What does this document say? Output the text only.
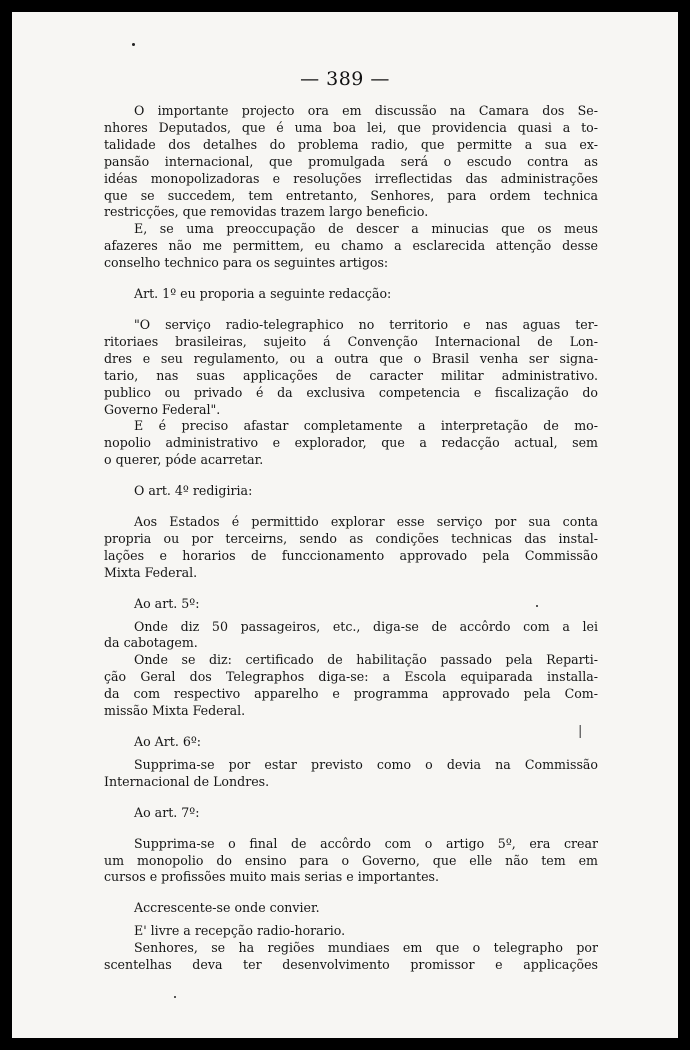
— 389 —
|
O importante projecto ora em discussão na Camara dos Se-
nhores Deputados, que é uma boa lei, que providencia quasi a to-
talidade dos detalhes do problema radio, que permitte a sua ex-
pansão internacional, que promulgada será o escudo contra as
idéas monopolizadoras e resoluções irreflectidas das administrações
que se succedem, tem entretanto, Senhores, para ordem technica
restricções, que removidas trazem largo beneficio.
E, se uma preoccupação de descer a minucias que os meus
afazeres não me permittem, eu chamo a esclarecida attenção desse
conselho technico para os seguintes artigos:

Art. 1º eu proporia a seguinte redacção:

"O serviço radio-telegraphico no territorio e nas aguas ter-
ritoriaes brasileiras, sujeito á Convenção Internacional de Lon-
dres e seu regulamento, ou a outra que o Brasil venha ser signa-
tario, nas suas applicações de caracter militar administrativo.
publico ou privado é da exclusiva competencia e fiscalização do
Governo Federal".
E é preciso afastar completamente a interpretação de mo-
nopolio administrativo e explorador, que a redacção actual, sem
o querer, póde acarretar.

O art. 4º redigiria:

Aos Estados é permittido explorar esse serviço por sua conta
propria ou por terceirns, sendo as condições technicas das instal-
lações e horarios de funccionamento approvado pela Commissão
Mixta Federal.

Ao art. 5º:

Onde diz 50 passageiros, etc., diga-se de accôrdo com a lei
da cabotagem.
Onde se diz: certificado de habilitação passado pela Reparti-
ção Geral dos Telegraphos diga-se: a Escola equiparada installa-
da com respectivo apparelho e programma approvado pela Com-
missão Mixta Federal.

Ao Art. 6º:

Supprima-se por estar previsto como o devia na Commissão
Internacional de Londres.

Ao art. 7º:

Supprima-se o final de accôrdo com o artigo 5º, era crear
um monopolio do ensino para o Governo, que elle não tem em
cursos e profissões muito mais serias e importantes.

Accrescente-se onde convier.

E' livre a recepção radio-horario.

Senhores, se ha regiões mundiaes em que o telegrapho por
scentelhas deva ter desenvolvimento promissor e applicações
